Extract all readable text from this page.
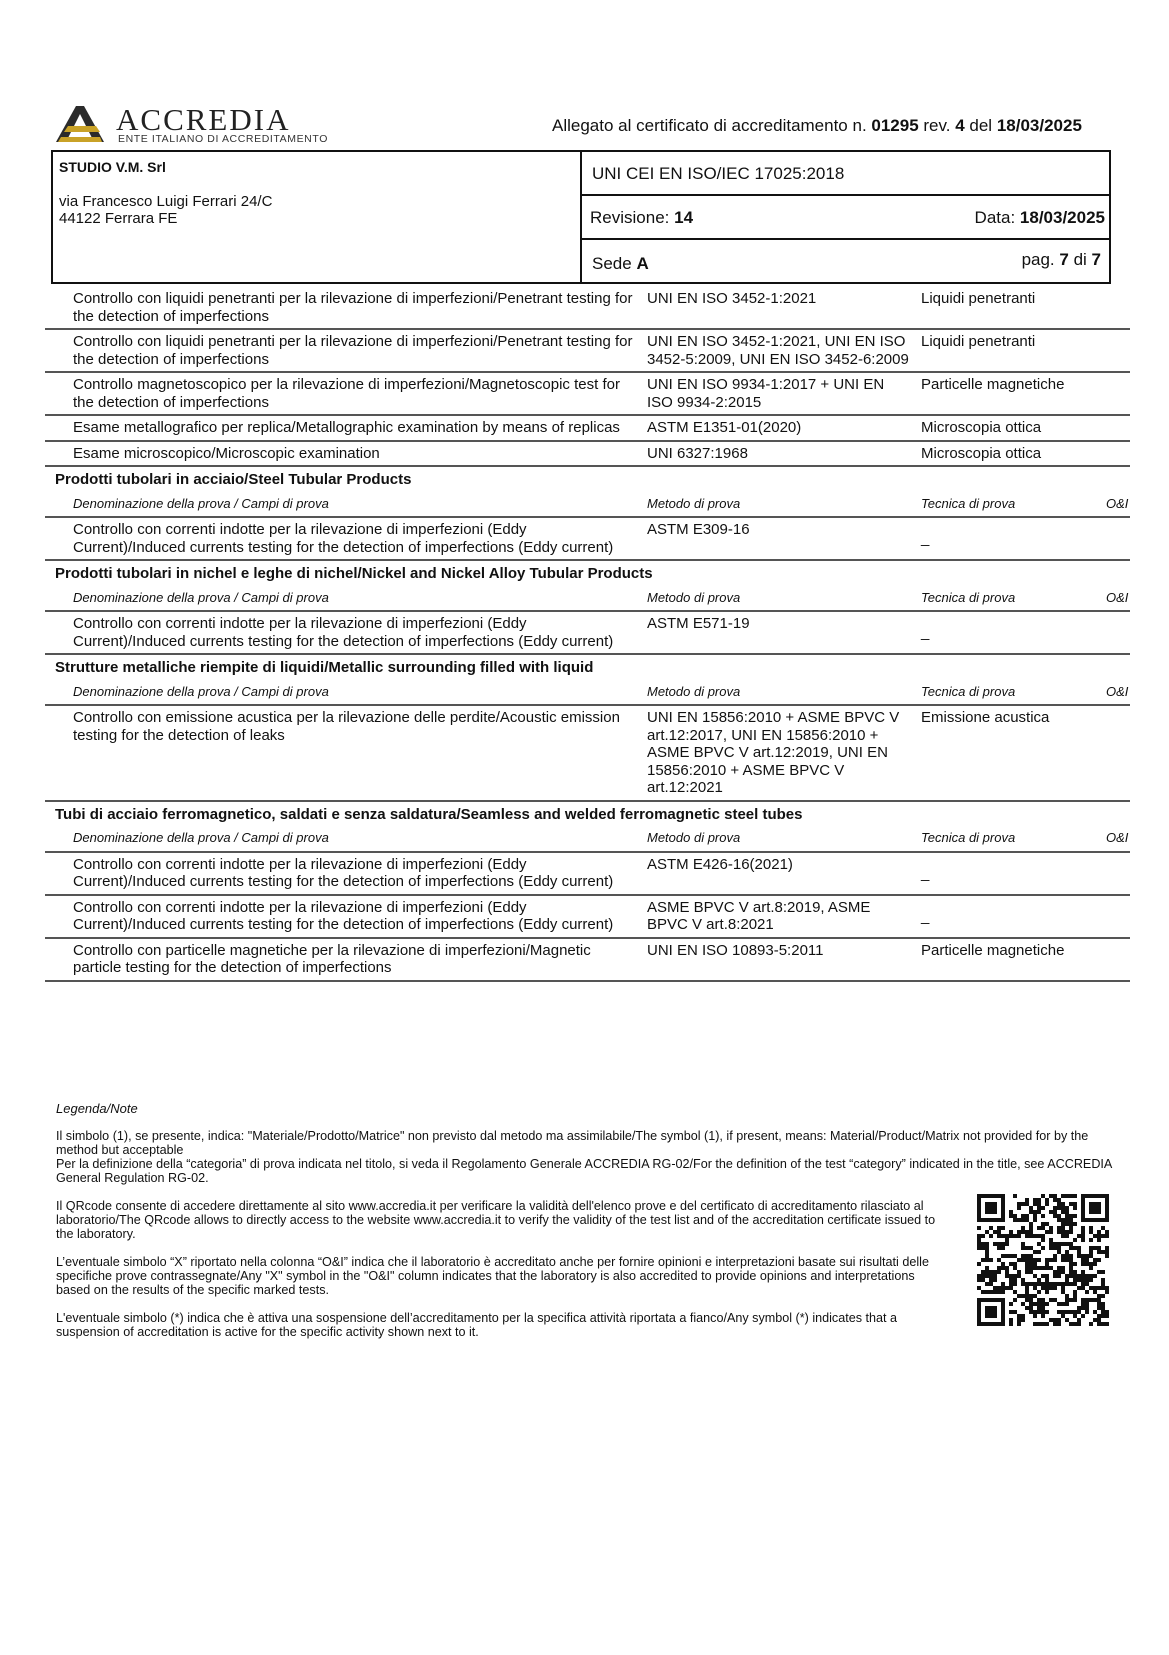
ACCREDIA
ENTE ITALIANO DI ACCREDITAMENTO
Allegato al certificato di accreditamento n. 01295 rev. 4 del 18/03/2025
STUDIO V.M. Srl
via Francesco Luigi Ferrari 24/C
44122 Ferrara FE
UNI CEI EN ISO/IEC 17025:2018
Revisione: 14	Data: 18/03/2025
Sede A	pag. 7 di 7
Controllo con liquidi penetranti per la rilevazione di imperfezioni/Penetrant testing for the detection of imperfections	UNI EN ISO 3452-1:2021	Liquidi penetranti	
Controllo con liquidi penetranti per la rilevazione di imperfezioni/Penetrant testing for the detection of imperfections	UNI EN ISO 3452-1:2021, UNI EN ISO 3452-5:2009, UNI EN ISO 3452-6:2009	Liquidi penetranti	
Controllo magnetoscopico per la rilevazione di imperfezioni/Magnetoscopic test for the detection of imperfections	UNI EN ISO 9934-1:2017 + UNI EN ISO 9934-2:2015	Particelle magnetiche	
Esame metallografico per replica/Metallographic examination by means of replicas	ASTM E1351-01(2020)	Microscopia ottica	
Esame microscopico/Microscopic examination	UNI 6327:1968	Microscopia ottica	
Prodotti tubolari in acciaio/Steel Tubular Products			
Denominazione della prova / Campi di prova	Metodo di prova	Tecnica di prova	O&I
Controllo con correnti indotte per la rilevazione di imperfezioni (Eddy Current)/Induced currents testing for the detection of imperfections (Eddy current)	ASTM E309-16	_	
Prodotti tubolari in nichel e leghe di nichel/Nickel and Nickel Alloy Tubular Products			
Denominazione della prova / Campi di prova	Metodo di prova	Tecnica di prova	O&I
Controllo con correnti indotte per la rilevazione di imperfezioni (Eddy Current)/Induced currents testing for the detection of imperfections (Eddy current)	ASTM E571-19	_	
Strutture metalliche riempite di liquidi/Metallic surrounding filled with liquid			
Denominazione della prova / Campi di prova	Metodo di prova	Tecnica di prova	O&I
Controllo con emissione acustica per la rilevazione delle perdite/Acoustic emission testing for the detection of leaks	UNI EN 15856:2010 + ASME BPVC V art.12:2017, UNI EN 15856:2010 + ASME BPVC V art.12:2019, UNI EN 15856:2010 + ASME BPVC V art.12:2021	Emissione acustica	
Tubi di acciaio ferromagnetico, saldati e senza saldatura/Seamless and welded ferromagnetic steel tubes			
Denominazione della prova / Campi di prova	Metodo di prova	Tecnica di prova	O&I
Controllo con correnti indotte per la rilevazione di imperfezioni (Eddy Current)/Induced currents testing for the detection of imperfections (Eddy current)	ASTM E426-16(2021)	_	
Controllo con correnti indotte per la rilevazione di imperfezioni (Eddy Current)/Induced currents testing for the detection of imperfections (Eddy current)	ASME BPVC V art.8:2019, ASME BPVC V art.8:2021	_	
Controllo con particelle magnetiche per la rilevazione di imperfezioni/Magnetic particle testing for the detection of imperfections	UNI EN ISO 10893-5:2011	Particelle magnetiche	
Legenda/Note

Il simbolo (1), se presente, indica: "Materiale/Prodotto/Matrice" non previsto dal metodo ma assimilabile/The symbol (1), if present, means: Material/Product/Matrix not provided for by the method but acceptable

Per la definizione della “categoria” di prova indicata nel titolo, si veda il Regolamento Generale ACCREDIA RG-02/For the definition of the test “category” indicated in the title, see ACCREDIA General Regulation RG-02.

Il QRcode consente di accedere direttamente al sito www.accredia.it per verificare la validità dell'elenco prove e del certificato di accreditamento rilasciato al laboratorio/The QRcode allows to directly access to the website www.accredia.it to verify the validity of the test list and of the accreditation certificate issued to the laboratory.

L’eventuale simbolo “X” riportato nella colonna “O&I” indica che il laboratorio è accreditato anche per fornire opinioni e interpretazioni basate sui risultati delle specifiche prove contrassegnate/Any "X" symbol in the "O&I" column indicates that the laboratory is also accredited to provide opinions and interpretations based on the results of the specific marked tests.

L'eventuale simbolo (*) indica che è attiva una sospensione dell’accreditamento per la specifica attività riportata a fianco/Any symbol (*) indicates that a suspension of accreditation is active for the specific activity shown next to it.
